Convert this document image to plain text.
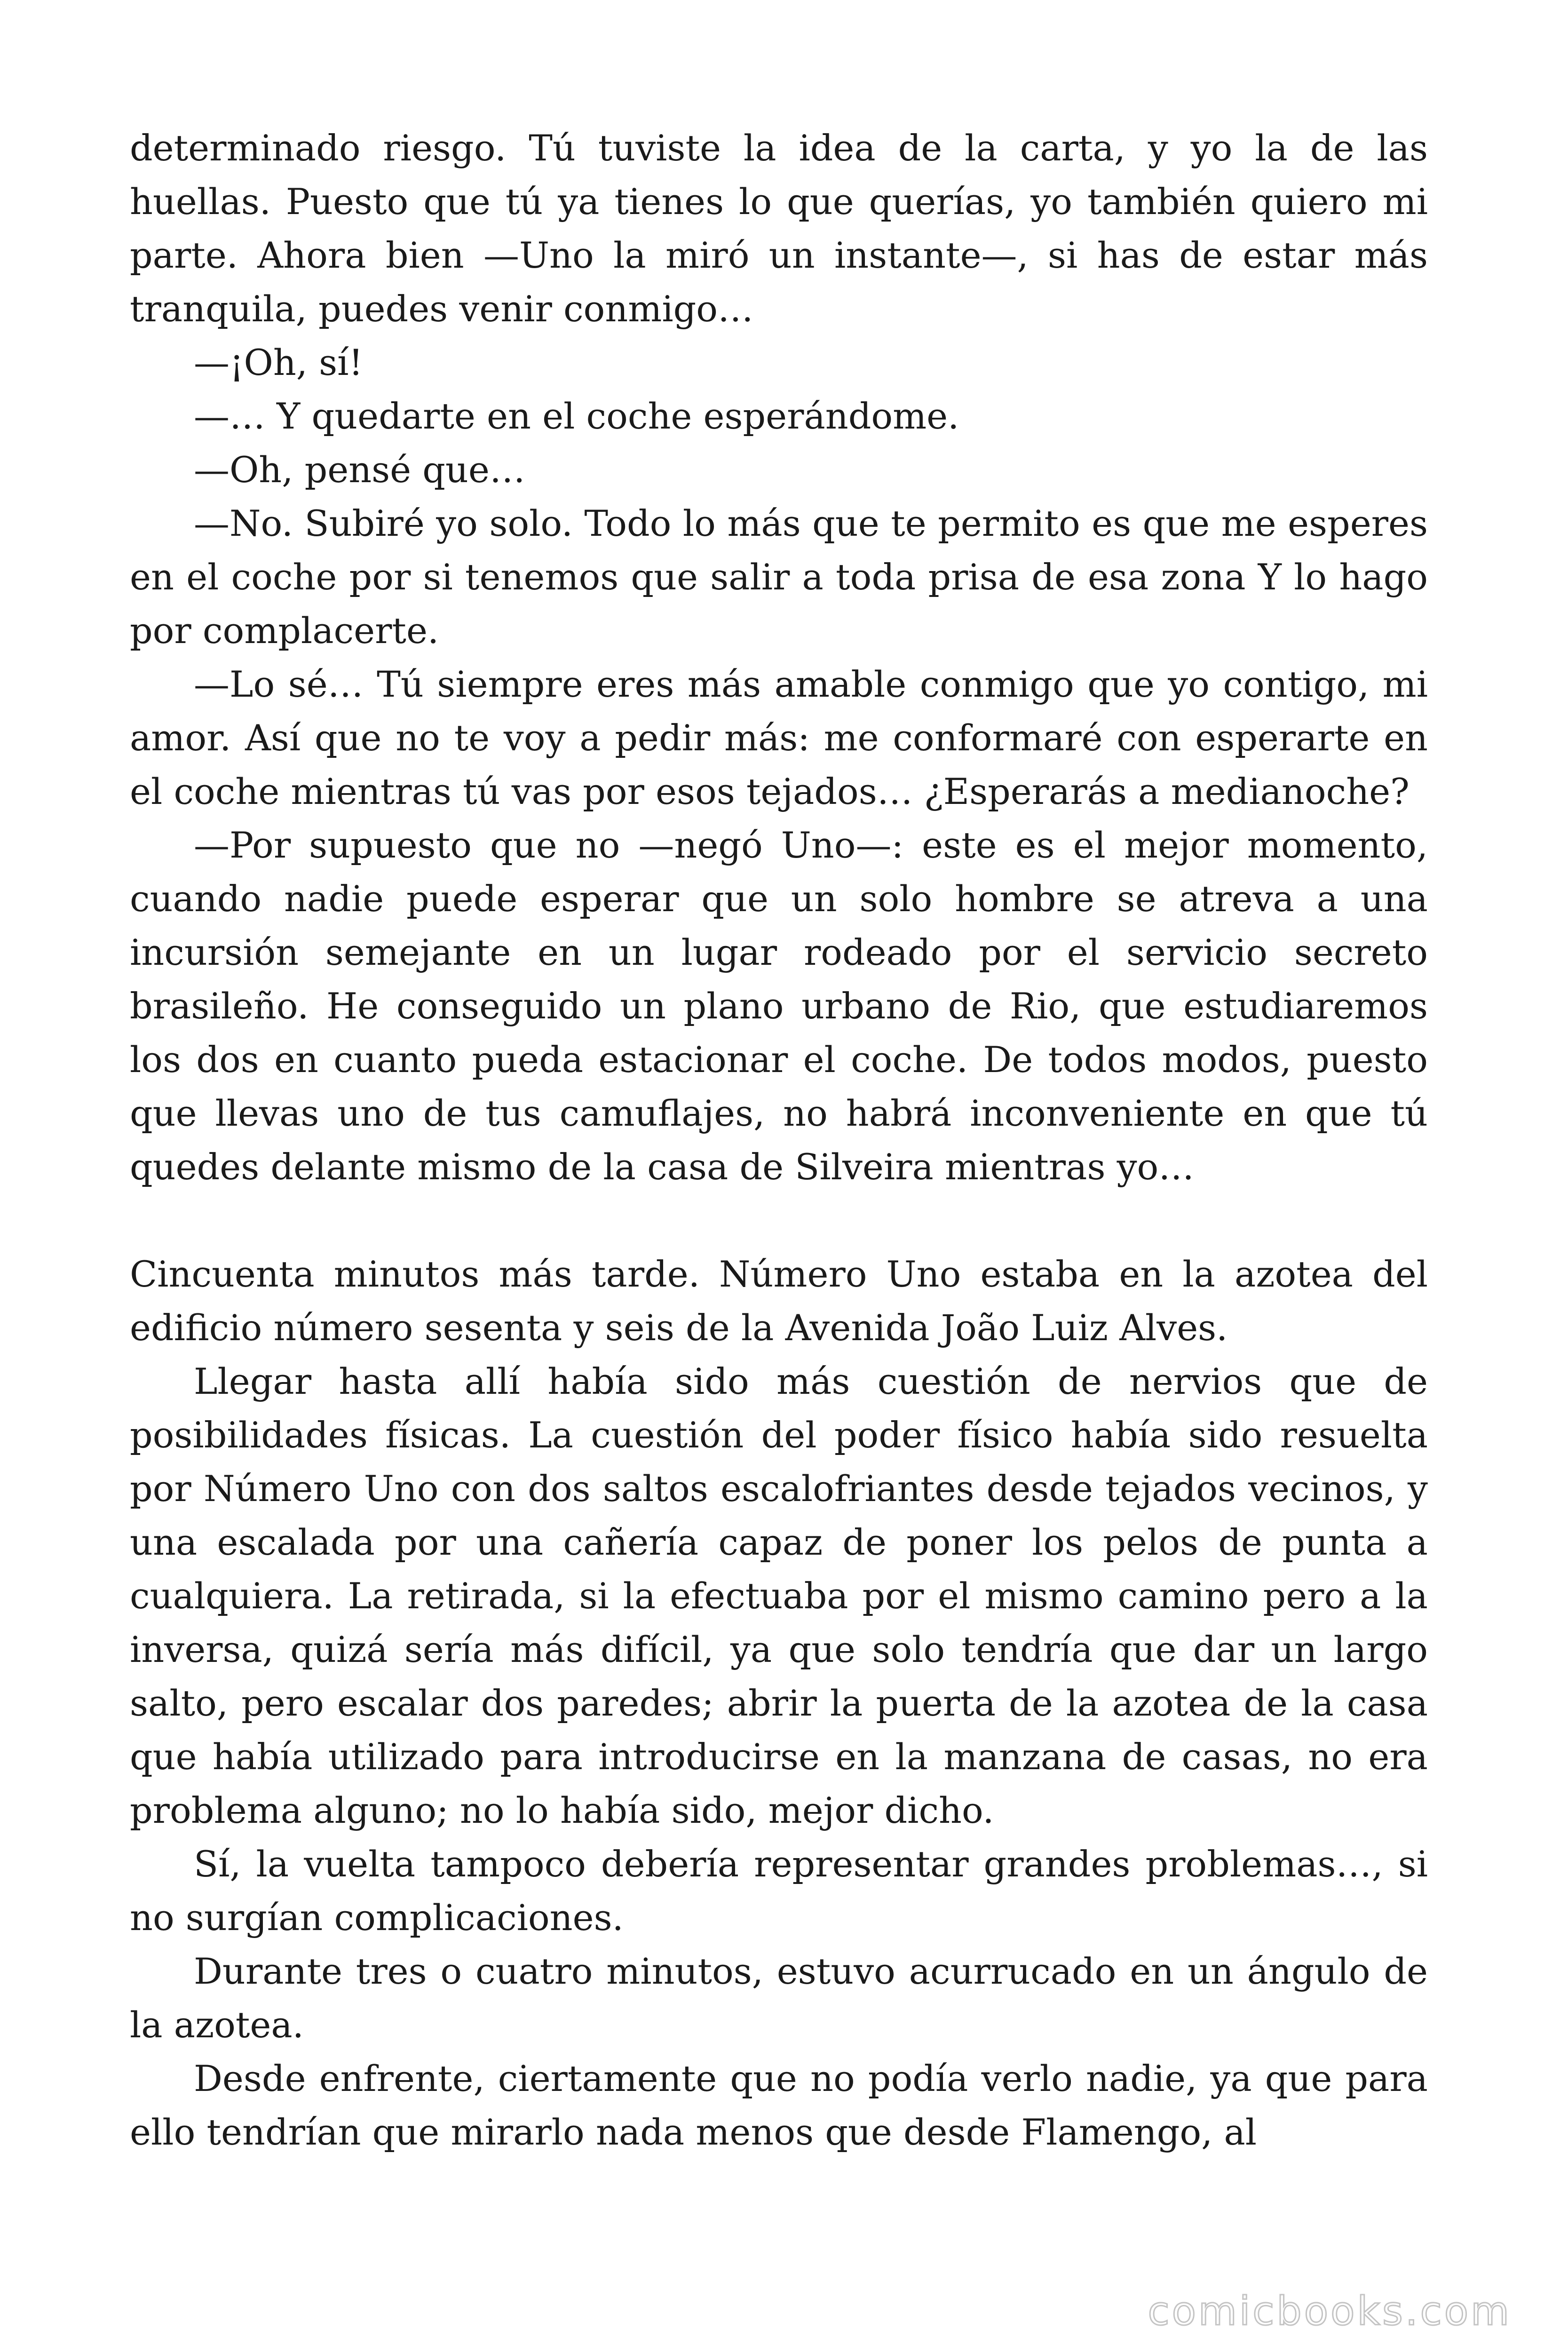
determinado riesgo. Tú tuviste la idea de la carta, y yo la de las huellas. Puesto que tú ya tienes lo que querías, yo también quiero mi parte. Ahora bien —Uno la miró un instante—, si has de estar más tranquila, puedes venir conmigo…

—¡Oh, sí!

—… Y quedarte en el coche esperándome.

—Oh, pensé que…

—No. Subiré yo solo. Todo lo más que te permito es que me esperes en el coche por si tenemos que salir a toda prisa de esa zona Y lo hago por complacerte.

—Lo sé… Tú siempre eres más amable conmigo que yo contigo, mi amor. Así que no te voy a pedir más: me conformaré con esperarte en el coche mientras tú vas por esos tejados… ¿Esperarás a medianoche?

—Por supuesto que no —negó Uno—: este es el mejor momento, cuando nadie puede esperar que un solo hombre se atreva a una incursión semejante en un lugar rodeado por el servicio secreto brasileño. He conseguido un plano urbano de Rio, que estudiaremos los dos en cuanto pueda estacionar el coche. De todos modos, puesto que llevas uno de tus camuflajes, no habrá inconveniente en que tú quedes delante mismo de la casa de Silveira mientras yo…

Cincuenta minutos más tarde. Número Uno estaba en la azotea del edificio número sesenta y seis de la Avenida João Luiz Alves.

Llegar hasta allí había sido más cuestión de nervios que de posibilidades físicas. La cuestión del poder físico había sido resuelta por Número Uno con dos saltos escalofriantes desde tejados vecinos, y una escalada por una cañería capaz de poner los pelos de punta a cualquiera. La retirada, si la efectuaba por el mismo camino pero a la inversa, quizá sería más difícil, ya que solo tendría que dar un largo salto, pero escalar dos paredes; abrir la puerta de la azotea de la casa que había utilizado para introducirse en la manzana de casas, no era problema alguno; no lo había sido, mejor dicho.

Sí, la vuelta tampoco debería representar grandes problemas…, si no surgían complicaciones.

Durante tres o cuatro minutos, estuvo acurrucado en un ángulo de la azotea.

Desde enfrente, ciertamente que no podía verlo nadie, ya que para ello tendrían que mirarlo nada menos que desde Flamengo, al

comicbooks.com
